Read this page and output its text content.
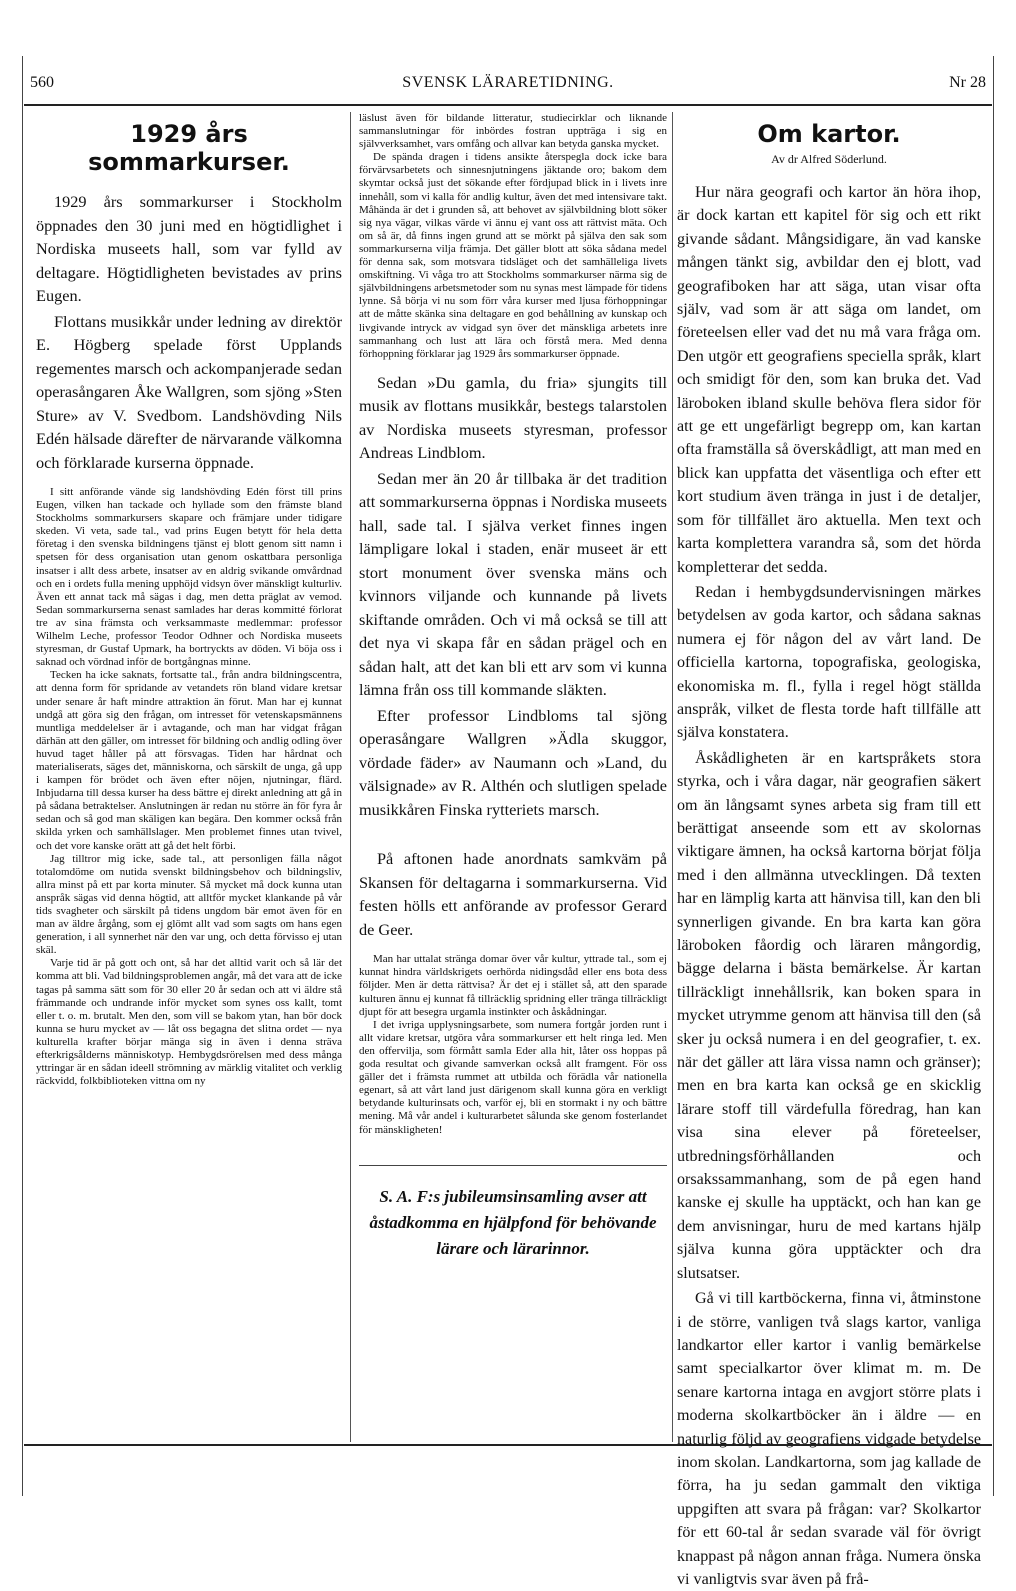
560	SVENSK LÄRARETIDNING.	Nr 28
1929 års sommarkurser.

1929 års sommarkurser i Stockholm öppnades den 30 juni med en högtidlighet i Nordiska museets hall, som var fylld av deltagare. Högtidligheten bevistades av prins Eugen.

Flottans musikkår under ledning av direktör E. Högberg spelade först Upplands regementes marsch och ackompanjerade sedan operasångaren Åke Wallgren, som sjöng »Sten Sture» av V. Svedbom. Landshövding Nils Edén hälsade därefter de närvarande välkomna och förklarade kurserna öppnade.

I sitt anförande vände sig landshövding Edén först till prins Eugen, vilken han tackade och hyllade som den främste bland Stockholms sommarkursers skapare och främjare under tidigare skeden. Vi veta, sade tal., vad prins Eugen betytt för hela detta företag i den svenska bildningens tjänst ej blott genom sitt namn i spetsen för dess organisation utan genom oskattbara personliga insatser i allt dess arbete, insatser av en aldrig svikande omvårdnad och en i ordets fulla mening upphöjd vidsyn över mänskligt kulturliv. Även ett annat tack må sägas i dag, men detta präglat av vemod. Sedan sommarkurserna senast samlades har deras kommitté förlorat tre av sina främsta och verksammaste medlemmar: professor Wilhelm Leche, professor Teodor Odhner och Nordiska museets styresman, dr Gustaf Upmark, ha bortryckts av döden. Vi böja oss i saknad och vördnad inför de bortgångnas minne.

Tecken ha icke saknats, fortsatte tal., från andra bildningscentra, att denna form för spridande av vetandets rön bland vidare kretsar under senare år haft mindre attraktion än förut. Man har ej kunnat undgå att göra sig den frågan, om intresset för vetenskapsmännens muntliga meddelelser är i avtagande, och man har vidgat frågan därhän att den gäller, om intresset för bildning och andlig odling över huvud taget håller på att försvagas. Tiden har hårdnat och materialiserats, säges det, människorna, och särskilt de unga, gå upp i kampen för brödet och även efter nöjen, njutningar, flärd. Inbjudarna till dessa kurser ha dess bättre ej direkt anledning att gå in på sådana betraktelser. Anslutningen är redan nu större än för fyra år sedan och så god man skäligen kan begära. Den kommer också från skilda yrken och samhällslager. Men problemet finnes utan tvivel, och det vore kanske orätt att gå det helt förbi.

Jag tilltror mig icke, sade tal., att personligen fälla något totalomdöme om nutida svenskt bildningsbehov och bildningsliv, allra minst på ett par korta minuter. Så mycket må dock kunna utan anspråk sägas vid denna högtid, att alltför mycket klankande på vår tids svagheter och särskilt på tidens ungdom bär emot även för en man av äldre årgång, som ej glömt allt vad som sagts om hans egen generation, i all synnerhet när den var ung, och detta förvisso ej utan skäl.

Varje tid är på gott och ont, så har det alltid varit och så lär det komma att bli. Vad bildningsproblemen angår, må det vara att de icke tagas på samma sätt som för 30 eller 20 år sedan och att vi äldre stå främmande och undrande inför mycket som synes oss kallt, tomt eller t. o. m. brutalt. Men den, som vill se bakom ytan, han bör dock kunna se huru mycket av — låt oss begagna det slitna ordet — nya kulturella krafter börjar mänga sig in även i denna sträva efterkrigsålderns människotyp. Hembygdsrörelsen med dess många yttringar är en sådan ideell strömning av märklig vitalitet och verklig räckvidd, folkbiblioteken vittna om ny

läslust även för bildande litteratur, studiecirklar och liknande sammanslutningar för inbördes fostran uppträga i sig en självverksamhet, vars omfång och allvar kan betyda ganska mycket.

De spända dragen i tidens ansikte återspegla dock icke bara förvärvsarbetets och sinnesnjutningens jäktande oro; bakom dem skymtar också just det sökande efter fördjupad blick in i livets inre innehåll, som vi kalla för andlig kultur, även det med intensivare takt. Måhända är det i grunden så, att behovet av självbildning blott söker sig nya vägar, vilkas värde vi ännu ej vant oss att rättvist mäta. Och om så är, då finns ingen grund att se mörkt på själva den sak som sommarkurserna vilja främja. Det gäller blott att söka sådana medel för denna sak, som motsvara tidsläget och det samhälleliga livets omskiftning. Vi våga tro att Stockholms sommarkurser närma sig de självbildningens arbetsmetoder som nu synas mest lämpade för tidens lynne. Så börja vi nu som förr våra kurser med ljusa förhoppningar att de måtte skänka sina deltagare en god behållning av kunskap och livgivande intryck av vidgad syn över det mänskliga arbetets inre sammanhang och lust att lära och förstå mera. Med denna förhoppning förklarar jag 1929 års sommarkurser öppnade.

Sedan »Du gamla, du fria» sjungits till musik av flottans musikkår, bestegs talarstolen av Nordiska museets styresman, professor Andreas Lindblom.

Sedan mer än 20 år tillbaka är det tradition att sommarkurserna öppnas i Nordiska museets hall, sade tal. I själva verket finnes ingen lämpligare lokal i staden, enär museet är ett stort monument över svenska mäns och kvinnors viljande och kunnande på livets skiftande områden. Och vi må också se till att det nya vi skapa får en sådan prägel och en sådan halt, att det kan bli ett arv som vi kunna lämna från oss till kommande släkten.

Efter professor Lindbloms tal sjöng operasångare Wallgren »Ädla skuggor, vördade fäder» av Naumann och »Land, du välsignade» av R. Althén och slutligen spelade musikkåren Finska rytteriets marsch.

På aftonen hade anordnats samkväm på Skansen för deltagarna i sommarkurserna. Vid festen hölls ett anförande av professor Gerard de Geer.

Man har uttalat stränga domar över vår kultur, yttrade tal., som ej kunnat hindra världskrigets oerhörda nidingsdåd eller ens bota dess följder. Men är detta rättvisa? Är det ej i stället så, att den sparade kulturen ännu ej kunnat få tillräcklig spridning eller tränga tillräckligt djupt för att besegra urgamla instinkter och åskådningar.

I det ivriga upplysningsarbete, som numera fortgår jorden runt i allt vidare kretsar, utgöra våra sommarkurser ett helt ringa led. Men den offervilja, som förmått samla Eder alla hit, låter oss hoppas på goda resultat och givande samverkan också allt framgent. För oss gäller det i främsta rummet att utbilda och förädla vår nationella egenart, så att vårt land just därigenom skall kunna göra en verkligt betydande kulturinsats och, varför ej, bli en stormakt i ny och bättre mening. Må vår andel i kulturarbetet sålunda ske genom fosterlandet för mänskligheten!

S. A. F:s jubileumsinsamling avser att åstadkomma en hjälpfond för behövande lärare och lärarinnor.
Om kartor.
Av dr Alfred Söderlund.

Hur nära geografi och kartor än höra ihop, är dock kartan ett kapitel för sig och ett rikt givande sådant. Mångsidigare, än vad kanske mången tänkt sig, avbildar den ej blott, vad geografiboken har att säga, utan visar ofta själv, vad som är att säga om landet, om företeelsen eller vad det nu må vara fråga om. Den utgör ett geografiens speciella språk, klart och smidigt för den, som kan bruka det. Vad läroboken ibland skulle behöva flera sidor för att ge ett ungefärligt begrepp om, kan kartan ofta framställa så överskådligt, att man med en blick kan uppfatta det väsentliga och efter ett kort studium även tränga in just i de detaljer, som för tillfället äro aktuella. Men text och karta komplettera varandra så, som det hörda kompletterar det sedda.

Redan i hembygdsundervisningen märkes betydelsen av goda kartor, och sådana saknas numera ej för någon del av vårt land. De officiella kartorna, topografiska, geologiska, ekonomiska m. fl., fylla i regel högt ställda anspråk, vilket de flesta torde haft tillfälle att själva konstatera.

Åskådligheten är en kartspråkets stora styrka, och i våra dagar, när geografien säkert om än långsamt synes arbeta sig fram till ett berättigat anseende som ett av skolornas viktigare ämnen, ha också kartorna börjat följa med i den allmänna utvecklingen. Då texten har en lämplig karta att hänvisa till, kan den bli synnerligen givande. En bra karta kan göra läroboken fåordig och läraren mångordig, bägge delarna i bästa bemärkelse. Är kartan tillräckligt innehållsrik, kan boken spara in mycket utrymme genom att hänvisa till den (så sker ju också numera i en del geografier, t. ex. när det gäller att lära vissa namn och gränser); men en bra karta kan också ge en skicklig lärare stoff till värdefulla föredrag, han kan visa sina elever på företeelser, utbredningsförhållanden och orsakssammanhang, som de på egen hand kanske ej skulle ha upptäckt, och han kan ge dem anvisningar, huru de med kartans hjälp själva kunna göra upptäckter och dra slutsatser.

Gå vi till kartböckerna, finna vi, åtminstone i de större, vanligen två slags kartor, vanliga landkartor eller kartor i vanlig bemärkelse samt specialkartor över klimat m. m. De senare kartorna intaga en avgjort större plats i moderna skolkartböcker än i äldre — en naturlig följd av geografiens vidgade betydelse inom skolan. Landkartorna, som jag kallade de förra, ha ju sedan gammalt den viktiga uppgiften att svara på frågan: var? Skolkartor för ett 60-tal år sedan svarade väl för övrigt knappast på någon annan fråga. Numera önska vi vanligtvis svar även på frå-
